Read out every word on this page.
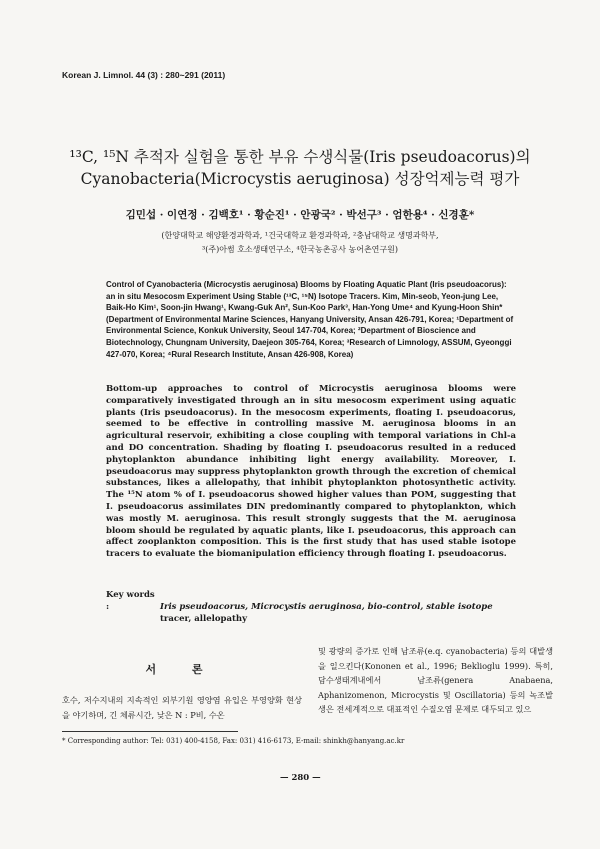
Korean J. Limnol. 44 (3) : 280~291 (2011)
¹³C, ¹⁵N 추적자 실험을 통한 부유 수생식물(Iris pseudoacorus)의
Cyanobacteria(Microcystis aeruginosa) 성장억제능력 평가
김민섭 · 이연정 · 김백호¹ · 황순진¹ · 안광국² · 박선구³ · 엄한용⁴ · 신경훈*
(한양대학교 해양환경과학과, ¹건국대학교 환경과학과, ²충남대학교 생명과학부,
³(주)아썸 호소생태연구소, ⁴한국농촌공사 농어촌연구원)
Control of Cyanobacteria (Microcystis aeruginosa) Blooms by Floating Aquatic Plant (Iris pseudoacorus): an in situ Mesocosm Experiment Using Stable (¹³C, ¹⁵N) Isotope Tracers. Kim, Min-seob, Yeon-jung Lee, Baik-Ho Kim¹, Soon-jin Hwang¹, Kwang-Guk An², Sun-Koo Park³, Han-Yong Ume⁴ and Kyung-Hoon Shin* (Department of Environmental Marine Sciences, Hanyang University, Ansan 426-791, Korea; ¹Department of Environmental Science, Konkuk University, Seoul 147-704, Korea; ²Department of Bioscience and Biotechnology, Chungnam University, Daejeon 305-764, Korea; ³Research of Limnology, ASSUM, Gyeonggi 427-070, Korea; ⁴Rural Research Institute, Ansan 426-908, Korea)
Bottom-up approaches to control of Microcystis aeruginosa blooms were comparatively investigated through an in situ mesocosm experiment using aquatic plants (Iris pseudoacorus). In the mesocosm experiments, floating I. pseudoacorus, seemed to be effective in controlling massive M. aeruginosa blooms in an agricultural reservoir, exhibiting a close coupling with temporal variations in Chl-a and DO concentration. Shading by floating I. pseudoacorus resulted in a reduced phytoplankton abundance inhibiting light energy availability. Moreover, I. pseudoacorus may suppress phytoplankton growth through the excretion of chemical substances, likes a allelopathy, that inhibit phytoplankton photosynthetic activity. The ¹⁵N atom % of I. pseudoacorus showed higher values than POM, suggesting that I. pseudoacorus assimilates DIN predominantly compared to phytoplankton, which was mostly M. aeruginosa. This result strongly suggests that the M. aeruginosa bloom should be regulated by aquatic plants, like I. pseudoacorus, this approach can affect zooplankton composition. This is the first study that has used stable isotope tracers to evaluate the biomanipulation efficiency through floating I. pseudoacorus.
Key words :	Iris pseudoacorus, Microcystis aeruginosa, bio-control, stable isotope
tracer, allelopathy
서 론
호수, 저수지내의 지속적인 외부기원 영양염 유입은 부영양화 현상을 야기하며, 긴 체류시간, 낮은 N : P비, 수온
및 광량의 증가로 인해 남조류(e.q. cyanobacteria) 등의 대발생을 일으킨다(Kononen et al., 1996; Beklioglu 1999). 특히, 담수생태계내에서 남조류(genera Anabaena, Aphanizomenon, Microcystis 및 Oscillatoria) 등의 녹조발생은 전세계적으로 대표적인 수질오염 문제로 대두되고 있으
* Corresponding author: Tel: 031) 400-4158, Fax: 031) 416-6173, E-mail: shinkh@hanyang.ac.kr
— 280 —
